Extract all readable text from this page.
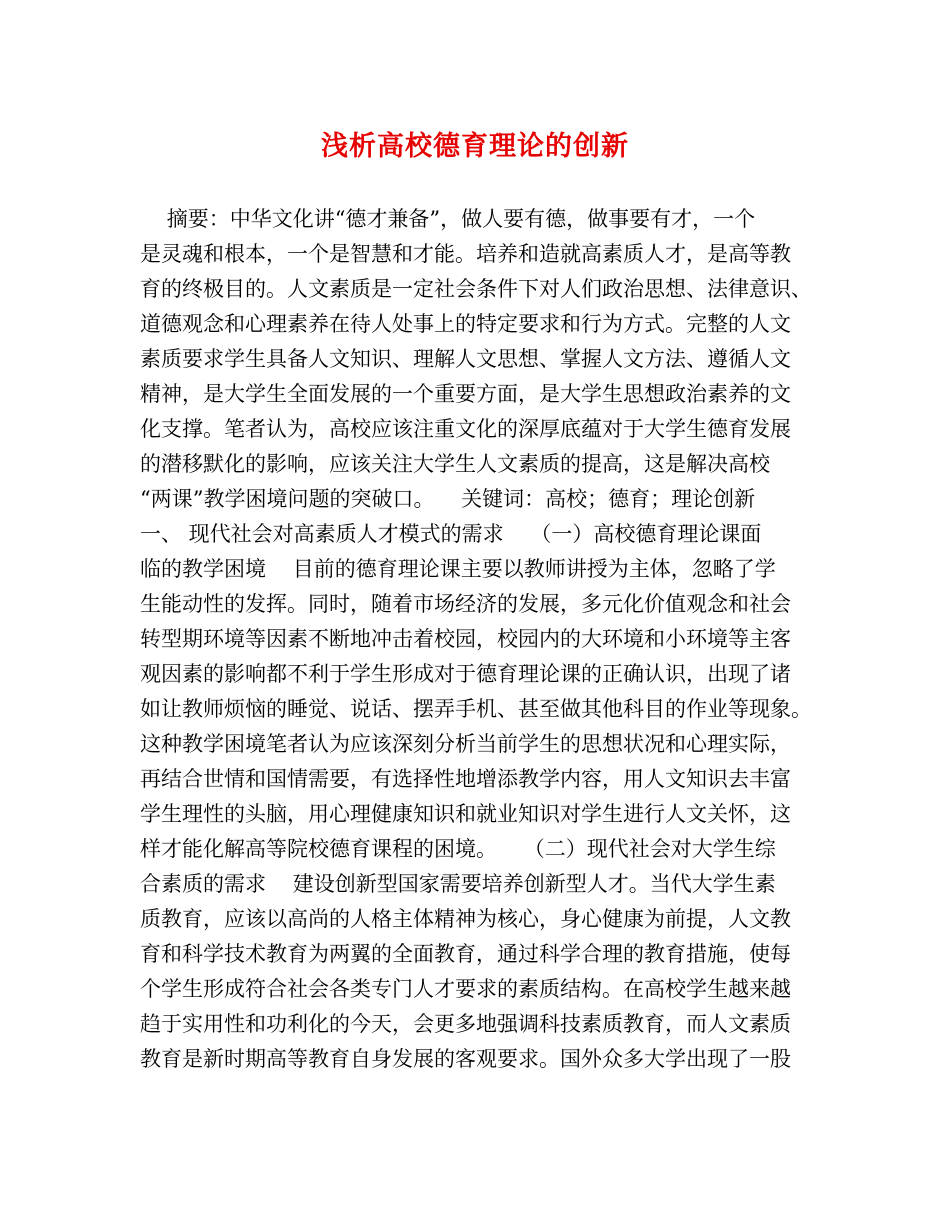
浅析高校德育理论的创新
摘要：中华文化讲“德才兼备”，做人要有德，做事要有才，一个
是灵魂和根本，一个是智慧和才能。培养和造就高素质人才，是高等教
育的终极目的。人文素质是一定社会条件下对人们政治思想、法律意识、
道德观念和心理素养在待人处事上的特定要求和行为方式。完整的人文
素质要求学生具备人文知识、理解人文思想、掌握人文方法、遵循人文
精神，是大学生全面发展的一个重要方面，是大学生思想政治素养的文
化支撑。笔者认为，高校应该注重文化的深厚底蕴对于大学生德育发展
的潜移默化的影响，应该关注大学生人文素质的提高，这是解决高校
“两课”教学困境问题的突破口。    关键词：高校；德育；理论创新
一、 现代社会对高素质人才模式的需求    （一）高校德育理论课面
临的教学困境    目前的德育理论课主要以教师讲授为主体，忽略了学
生能动性的发挥。同时，随着市场经济的发展，多元化价值观念和社会
转型期环境等因素不断地冲击着校园，校园内的大环境和小环境等主客
观因素的影响都不利于学生形成对于德育理论课的正确认识，出现了诸
如让教师烦恼的睡觉、说话、摆弄手机、甚至做其他科目的作业等现象。
这种教学困境笔者认为应该深刻分析当前学生的思想状况和心理实际，
再结合世情和国情需要，有选择性地增添教学内容，用人文知识去丰富
学生理性的头脑，用心理健康知识和就业知识对学生进行人文关怀，这
样才能化解高等院校德育课程的困境。    （二）现代社会对大学生综
合素质的需求    建设创新型国家需要培养创新型人才。当代大学生素
质教育，应该以高尚的人格主体精神为核心，身心健康为前提，人文教
育和科学技术教育为两翼的全面教育，通过科学合理的教育措施，使每
个学生形成符合社会各类专门人才要求的素质结构。在高校学生越来越
趋于实用性和功利化的今天，会更多地强调科技素质教育，而人文素质
教育是新时期高等教育自身发展的客观要求。国外众多大学出现了一股
